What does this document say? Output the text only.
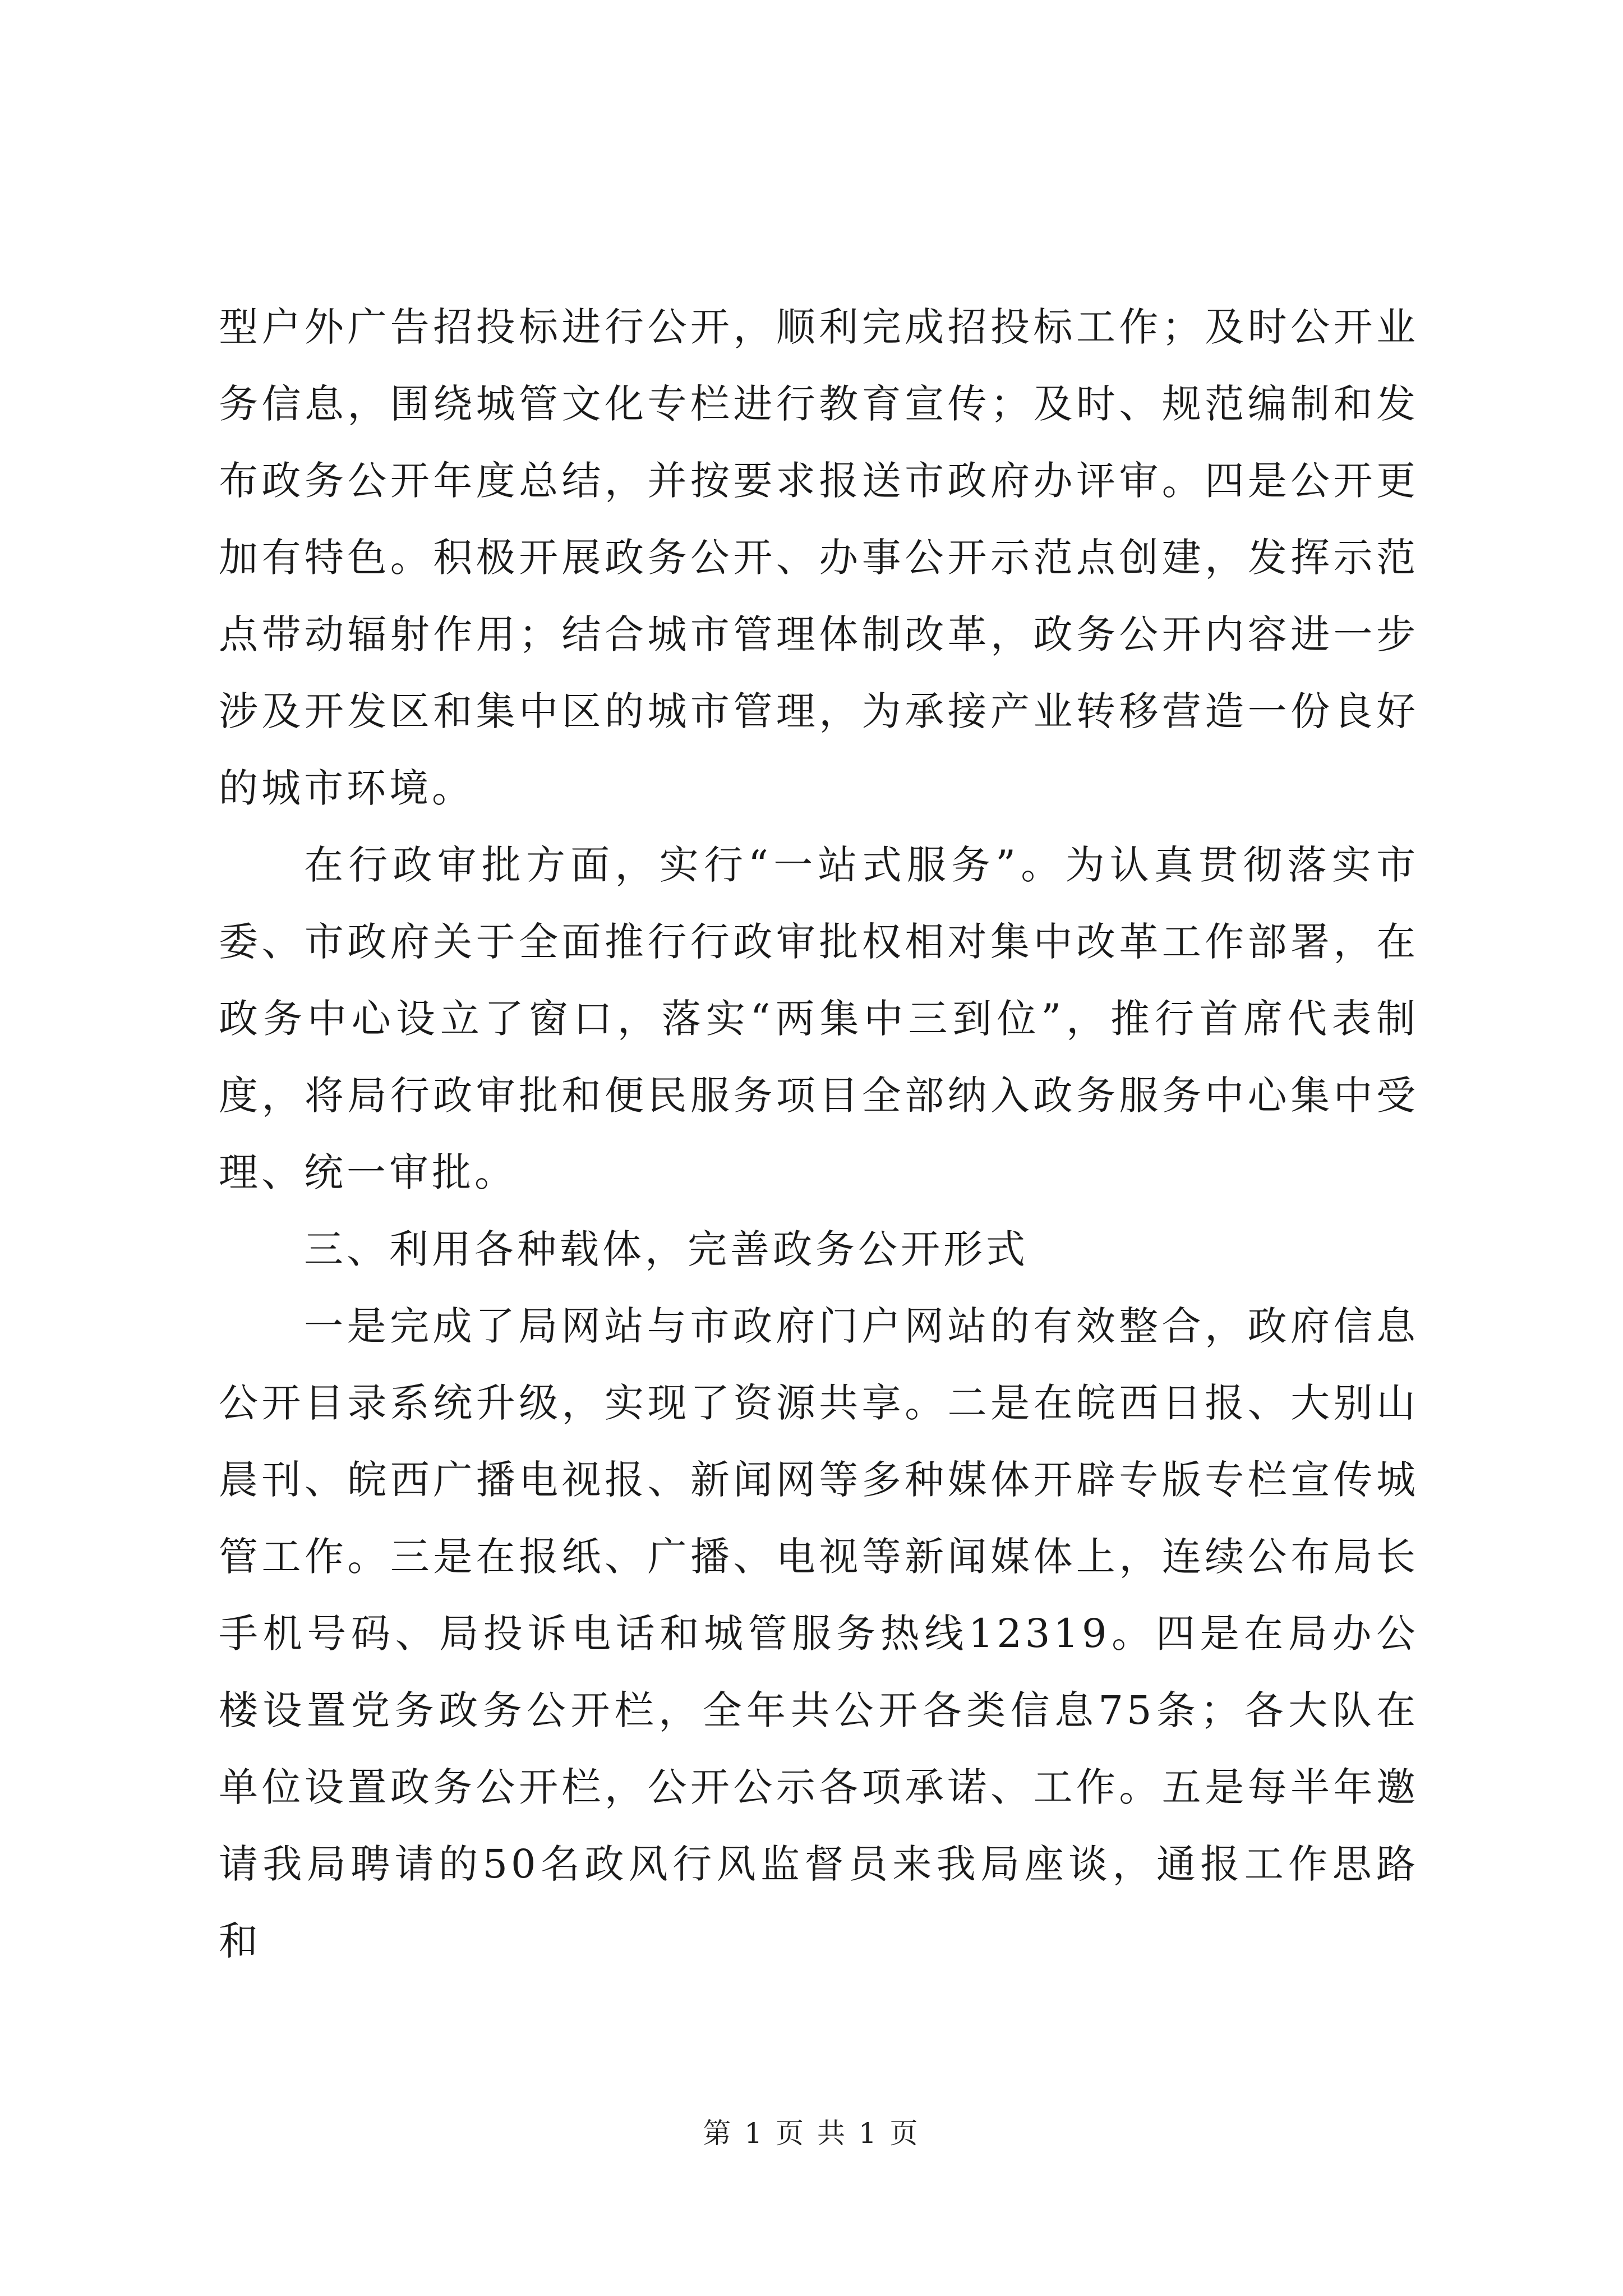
型户外广告招投标进行公开，顺利完成招投标工作；及时公开业务信息，围绕城管文化专栏进行教育宣传；及时、规范编制和发布政务公开年度总结，并按要求报送市政府办评审。四是公开更加有特色。积极开展政务公开、办事公开示范点创建，发挥示范点带动辐射作用；结合城市管理体制改革，政务公开内容进一步涉及开发区和集中区的城市管理，为承接产业转移营造一份良好的城市环境。

在行政审批方面，实行“一站式服务”。为认真贯彻落实市委、市政府关于全面推行行政审批权相对集中改革工作部署，在政务中心设立了窗口，落实“两集中三到位”，推行首席代表制度，将局行政审批和便民服务项目全部纳入政务服务中心集中受理、统一审批。

三、利用各种载体，完善政务公开形式

一是完成了局网站与市政府门户网站的有效整合，政府信息公开目录系统升级，实现了资源共享。二是在皖西日报、大别山晨刊、皖西广播电视报、新闻网等多种媒体开辟专版专栏宣传城管工作。三是在报纸、广播、电视等新闻媒体上，连续公布局长手机号码、局投诉电话和城管服务热线12319。四是在局办公楼设置党务政务公开栏，全年共公开各类信息75条；各大队在单位设置政务公开栏，公开公示各项承诺、工作。五是每半年邀请我局聘请的50名政风行风监督员来我局座谈，通报工作思路和

第 1 页 共 1 页
